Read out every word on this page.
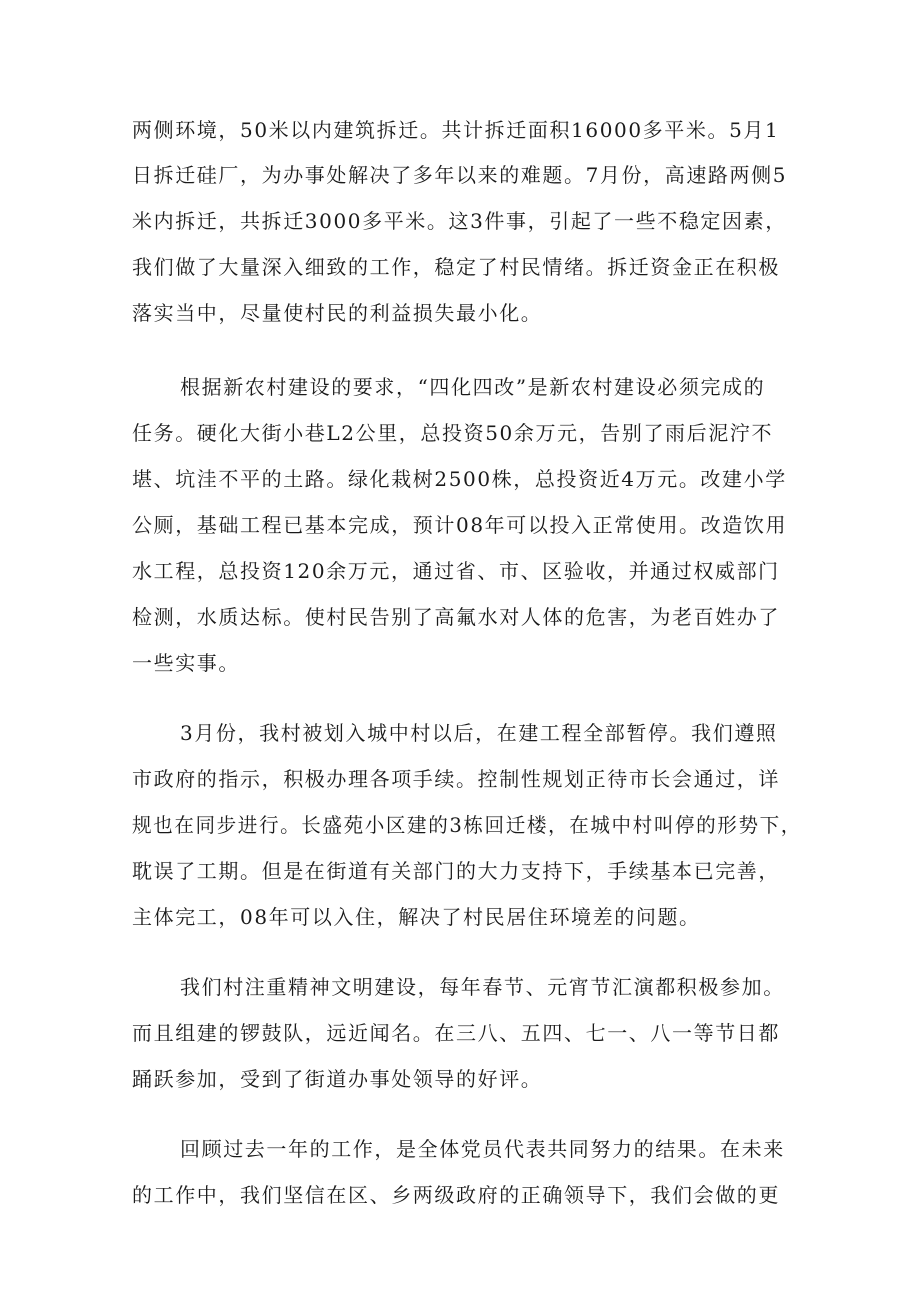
两侧环境，50米以内建筑拆迁。共计拆迁面积16000多平米。5月1
日拆迁硅厂，为办事处解决了多年以来的难题。7月份，高速路两侧5
米内拆迁，共拆迁3000多平米。这3件事，引起了一些不稳定因素，
我们做了大量深入细致的工作，稳定了村民情绪。拆迁资金正在积极
落实当中，尽量使村民的利益损失最小化。
根据新农村建设的要求，“四化四改”是新农村建设必须完成的
任务。硬化大街小巷L2公里，总投资50余万元，告别了雨后泥泞不
堪、坑洼不平的土路。绿化栽树2500株，总投资近4万元。改建小学
公厕，基础工程已基本完成，预计08年可以投入正常使用。改造饮用
水工程，总投资120余万元，通过省、市、区验收，并通过权威部门
检测，水质达标。使村民告别了高氟水对人体的危害，为老百姓办了
一些实事。
3月份，我村被划入城中村以后，在建工程全部暂停。我们遵照
市政府的指示，积极办理各项手续。控制性规划正待市长会通过，详
规也在同步进行。长盛苑小区建的3栋回迁楼，在城中村叫停的形势下，
耽误了工期。但是在街道有关部门的大力支持下，手续基本已完善，
主体完工，08年可以入住，解决了村民居住环境差的问题。
我们村注重精神文明建设，每年春节、元宵节汇演都积极参加。
而且组建的锣鼓队，远近闻名。在三八、五四、七一、八一等节日都
踊跃参加，受到了街道办事处领导的好评。
回顾过去一年的工作，是全体党员代表共同努力的结果。在未来
的工作中，我们坚信在区、乡两级政府的正确领导下，我们会做的更
